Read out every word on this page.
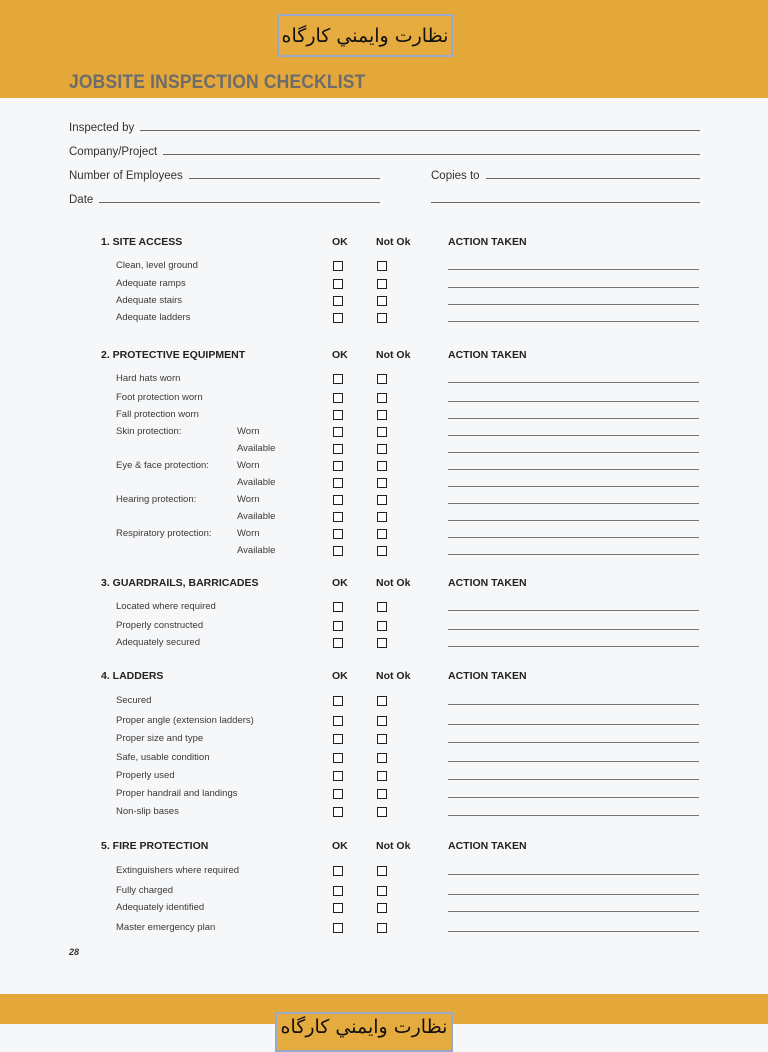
نظارت وايمني كارگاه
JOBSITE INSPECTION CHECKLIST
Inspected by
Company/Project
Number of Employees	Copies to
Date
1. SITE ACCESS	OK	Not Ok	ACTION TAKEN
Clean, level ground
Adequate ramps
Adequate stairs
Adequate ladders
2. PROTECTIVE EQUIPMENT	OK	Not Ok	ACTION TAKEN
Hard hats worn
Foot protection worn
Fall protection worn
Skin protection:	Worn
Available
Eye & face protection:	Worn
Available
Hearing protection:	Worn
Available
Respiratory protection:	Worn
Available
3. GUARDRAILS, BARRICADES	OK	Not Ok	ACTION TAKEN
Located where required
Properly constructed
Adequately secured
4. LADDERS	OK	Not Ok	ACTION TAKEN
Secured
Proper angle (extension ladders)
Proper size and type
Safe, usable condition
Properly used
Proper handrail and landings
Non-slip bases
5. FIRE PROTECTION	OK	Not Ok	ACTION TAKEN
Extinguishers where required
Fully charged
Adequately identified
Master emergency plan
28
نظارت وايمني كارگاه
